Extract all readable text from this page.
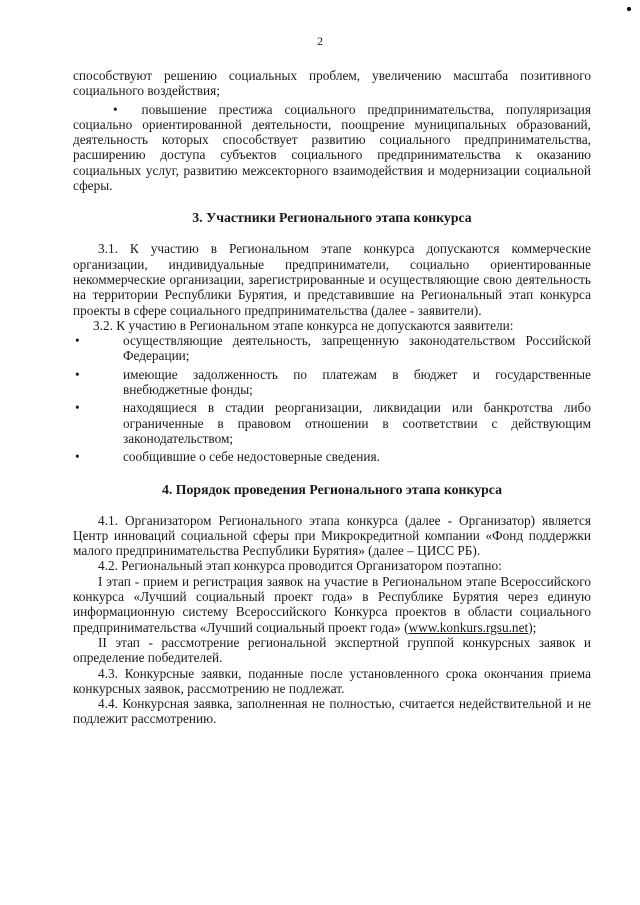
2

способствуют решению социальных проблем, увеличению масштаба позитивного социального воздействия;

• повышение престижа социального предпринимательства, популяризация социально ориентированной деятельности, поощрение муниципальных образований, деятельность которых способствует развитию социального предпринимательства, расширению доступа субъектов социального предпринимательства к оказанию социальных услуг, развитию межсекторного взаимодействия и модернизации социальной сферы.

3. Участники Регионального этапа конкурса

3.1. К участию в Региональном этапе конкурса допускаются коммерческие организации, индивидуальные предприниматели, социально ориентированные некоммерческие организации, зарегистрированные и осуществляющие свою деятельность на территории Республики Бурятия, и представившие на Региональный этап конкурса проекты в сфере социального предпринимательства (далее - заявители).

3.2. К участию в Региональном этапе конкурса не допускаются заявители:

•	осуществляющие деятельность, запрещенную законодательством Российской Федерации;

•	имеющие задолженность по платежам в бюджет и государственные внебюджетные фонды;

•	находящиеся в стадии реорганизации, ликвидации или банкротства либо ограниченные в правовом отношении в соответствии с действующим законодательством;

•	сообщившие о себе недостоверные сведения.

4. Порядок проведения Регионального этапа конкурса

4.1. Организатором Регионального этапа конкурса (далее - Организатор) является Центр инноваций социальной сферы при Микрокредитной компании «Фонд поддержки малого предпринимательства Республики Бурятия» (далее – ЦИСС РБ).

4.2. Региональный этап конкурса проводится Организатором поэтапно:

I этап - прием и регистрация заявок на участие в Региональном этапе Всероссийского конкурса «Лучший социальный проект года» в Республике Бурятия через единую информационную систему Всероссийского Конкурса проектов в области социального предпринимательства «Лучший социальный проект года» (www.konkurs.rgsu.net);

II этап - рассмотрение региональной экспертной группой конкурсных заявок и определение победителей.

4.3. Конкурсные заявки, поданные после установленного срока окончания приема конкурсных заявок, рассмотрению не подлежат.

4.4. Конкурсная заявка, заполненная не полностью, считается недействительной и не подлежит рассмотрению.
